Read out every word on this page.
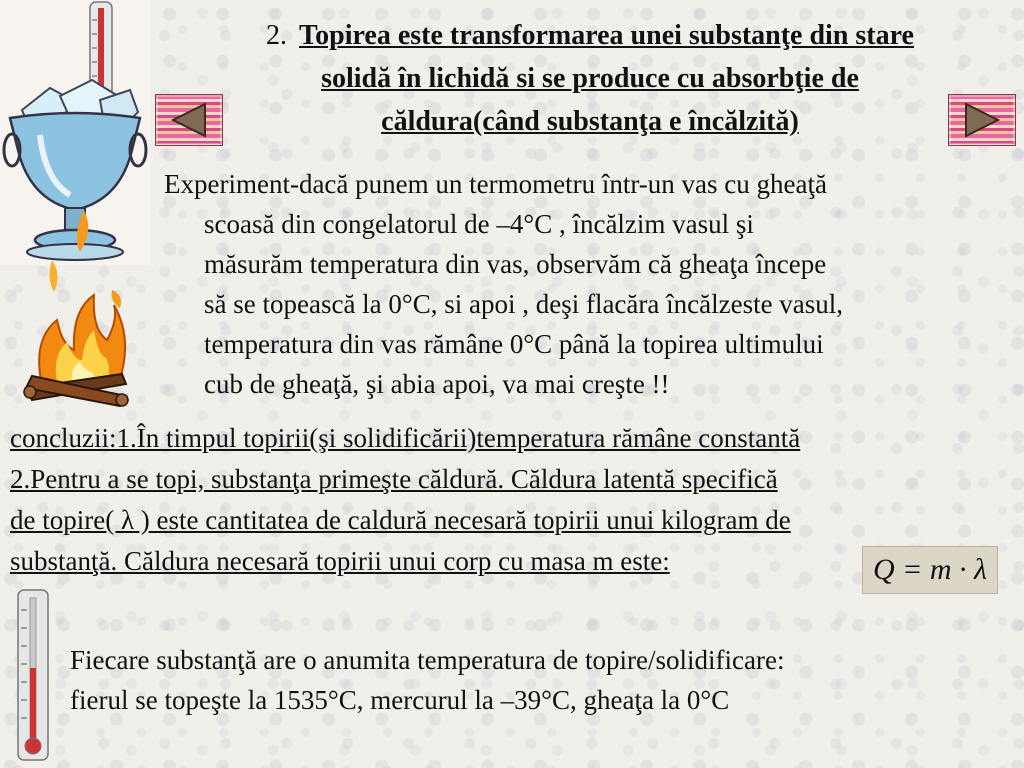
2. Topirea este transformarea unei substanţe din stare
solidă în lichidă si se produce cu absorbţie de
căldura(când substanţa e încălzită)
Experiment-dacă punem un termometru într-un vas cu gheaţă
scoasă din congelatorul de –4°C , încălzim vasul şi
măsurăm temperatura din vas, observăm că gheaţa începe
să se topească la 0°C, si apoi , deşi flacăra încălzeste vasul,
temperatura din vas rămâne 0°C până la topirea ultimului
cub de gheaţă, şi abia apoi, va mai creşte !!
concluzii:1.În timpul topirii(şi solidificării)temperatura rămâne constantă
2.Pentru a se topi, substanţa primeşte căldură. Căldura latentă specifică
de topire( λ ) este cantitatea de caldură necesară topirii unui kilogram de
substanţă. Căldura necesară topirii unui corp cu masa m este:	Q = m · λ
Fiecare substanţă are o anumita temperatura de topire/solidificare:
fierul se topeşte la 1535°C, mercurul la –39°C, gheaţa la 0°C
